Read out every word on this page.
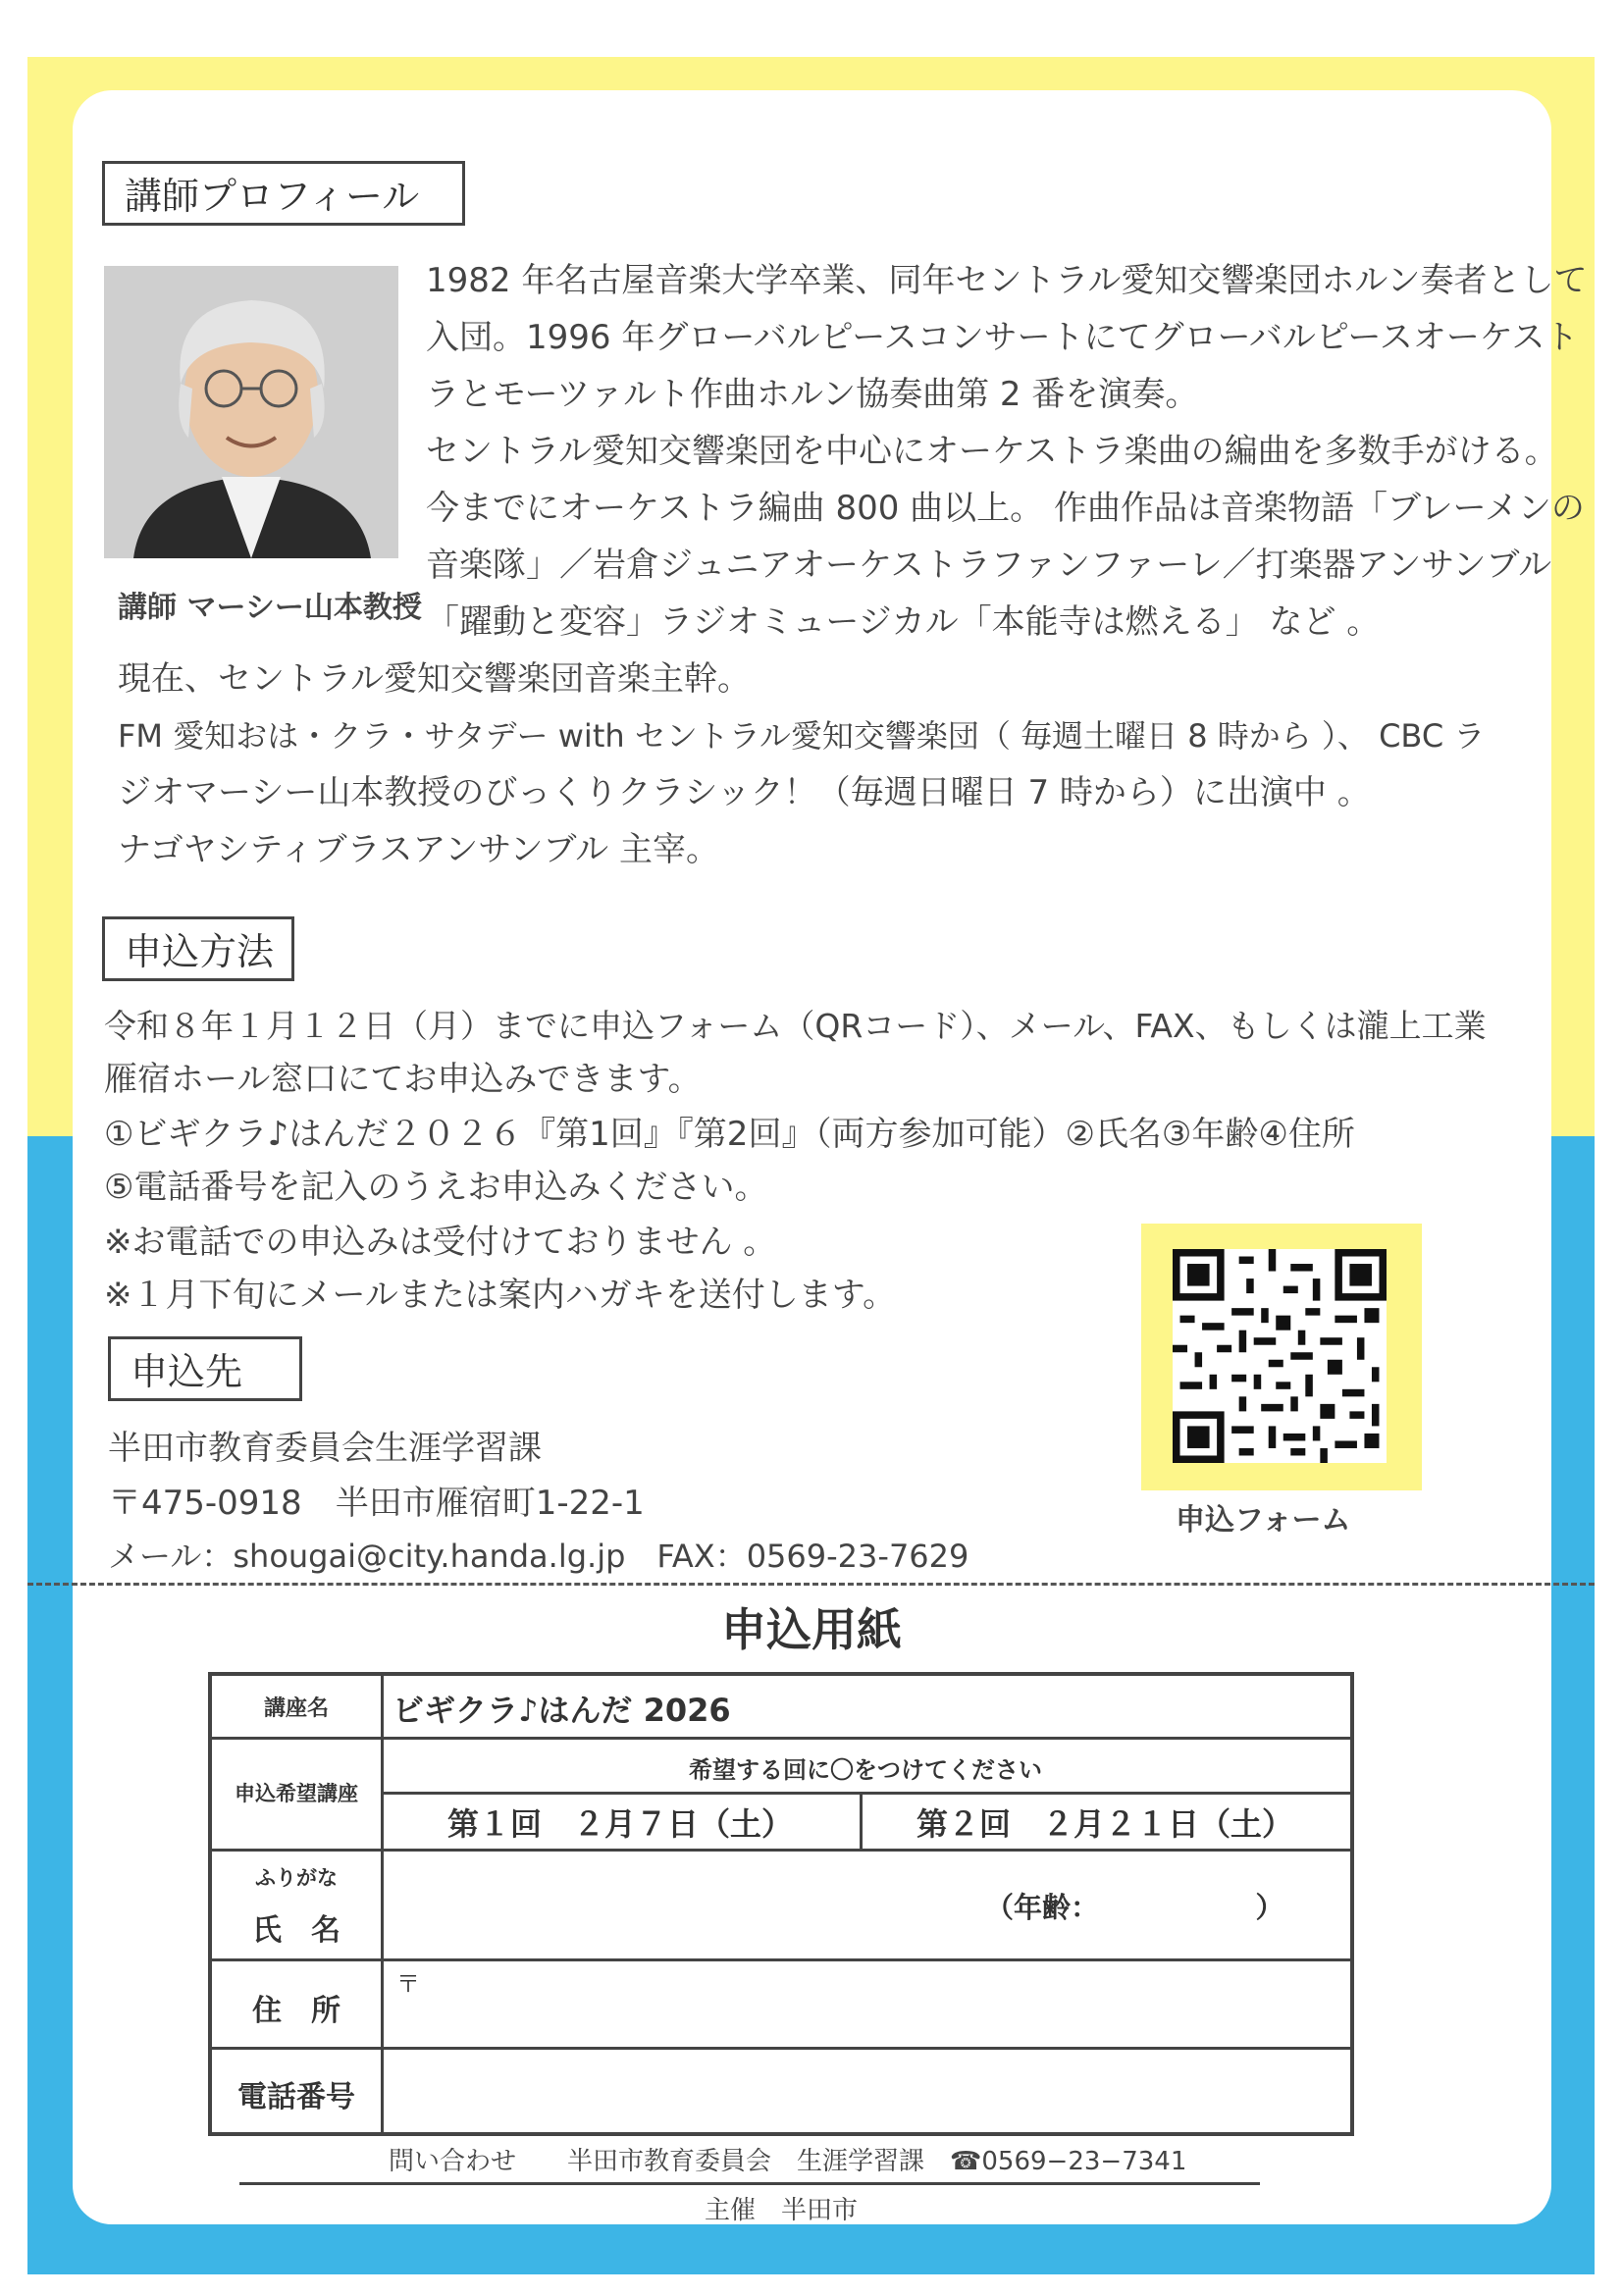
講師プロフィール
講師 マーシー山本教授
1982 年名古屋音楽大学卒業、同年セントラル愛知交響楽団ホルン奏者として
入団。1996 年グローバルピースコンサートにてグローバルピースオーケスト
ラとモーツァルト作曲ホルン協奏曲第 2 番を演奏。
セントラル愛知交響楽団を中心にオーケストラ楽曲の編曲を多数手がける。
今までにオーケストラ編曲 800 曲以上。 作曲作品は音楽物語「ブレーメンの
音楽隊」／岩倉ジュニアオーケストラファンファーレ／打楽器アンサンブル
「躍動と変容」ラジオミュージカル「本能寺は燃える」 など 。
現在、セントラル愛知交響楽団音楽主幹。
FM 愛知おは・クラ・サタデー with セントラル愛知交響楽団（ 毎週土曜日 8 時から ）、 CBC ラ
ジオマーシー山本教授のびっくりクラシック！（毎週日曜日 7 時から）に出演中 。
ナゴヤシティブラスアンサンブル 主宰。
申込方法
令和８年１月１２日（月）までに申込フォーム（QRコード）、メール、FAX、もしくは瀧上工業
雁宿ホール窓口にてお申込みできます。
①ビギクラ♪はんだ２０２６『第1回』『第2回』（両方参加可能）②氏名③年齢④住所
⑤電話番号を記入のうえお申込みください。
※お電話での申込みは受付けておりません 。
※１月下旬にメールまたは案内ハガキを送付します。
申込先
半田市教育委員会生涯学習課
〒475-0918　半田市雁宿町1-22-1
メール：shougai@city.handa.lg.jp　FAX：0569-23-7629
申込フォーム
申込用紙
講座名	ビギクラ♪はんだ 2026
申込希望講座
希望する回に〇をつけてください
第１回　２月７日（土）	第２回　２月２１日（土）
ふりがな
氏　名
（年齢：　　　　　　）
住　所
〒
電話番号
問い合わせ　　半田市教育委員会　生涯学習課　☎0569−23−7341
主催　半田市
